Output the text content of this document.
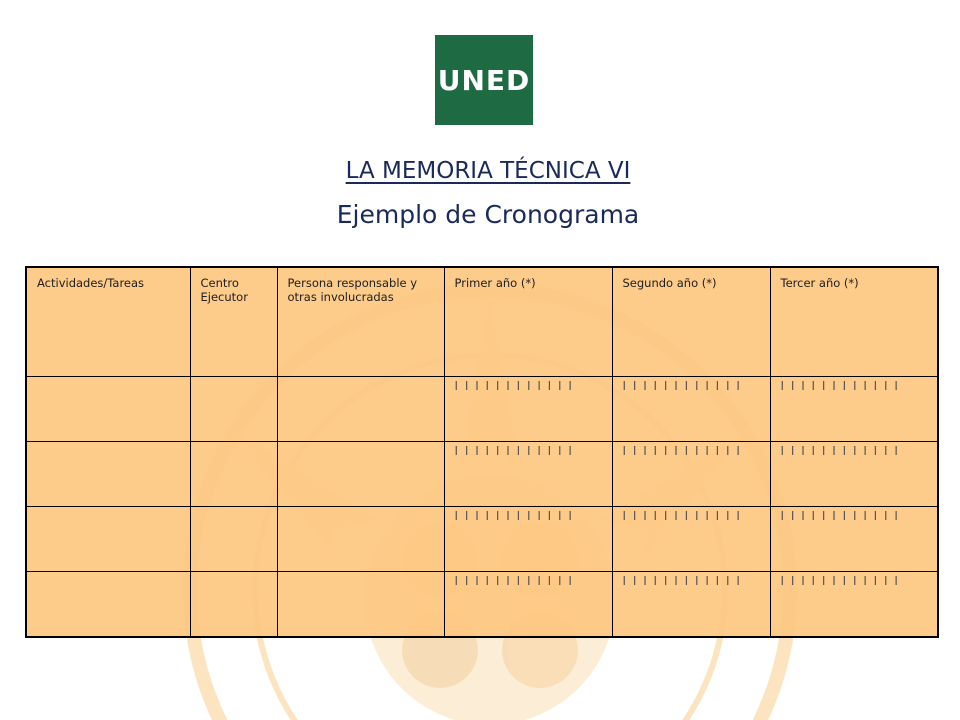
UNED
LA MEMORIA TÉCNICA VI
Ejemplo de Cronograma
Actividades/Tareas	Centro Ejecutor	Persona responsable y otras involucradas	Primer año (*)	Segundo año (*)	Tercer año (*)
			I I I I I I I I I I I I	I I I I I I I I I I I I	I I I I I I I I I I I I
			I I I I I I I I I I I I	I I I I I I I I I I I I	I I I I I I I I I I I I
			I I I I I I I I I I I I	I I I I I I I I I I I I	I I I I I I I I I I I I
			I I I I I I I I I I I I	I I I I I I I I I I I I	I I I I I I I I I I I I
